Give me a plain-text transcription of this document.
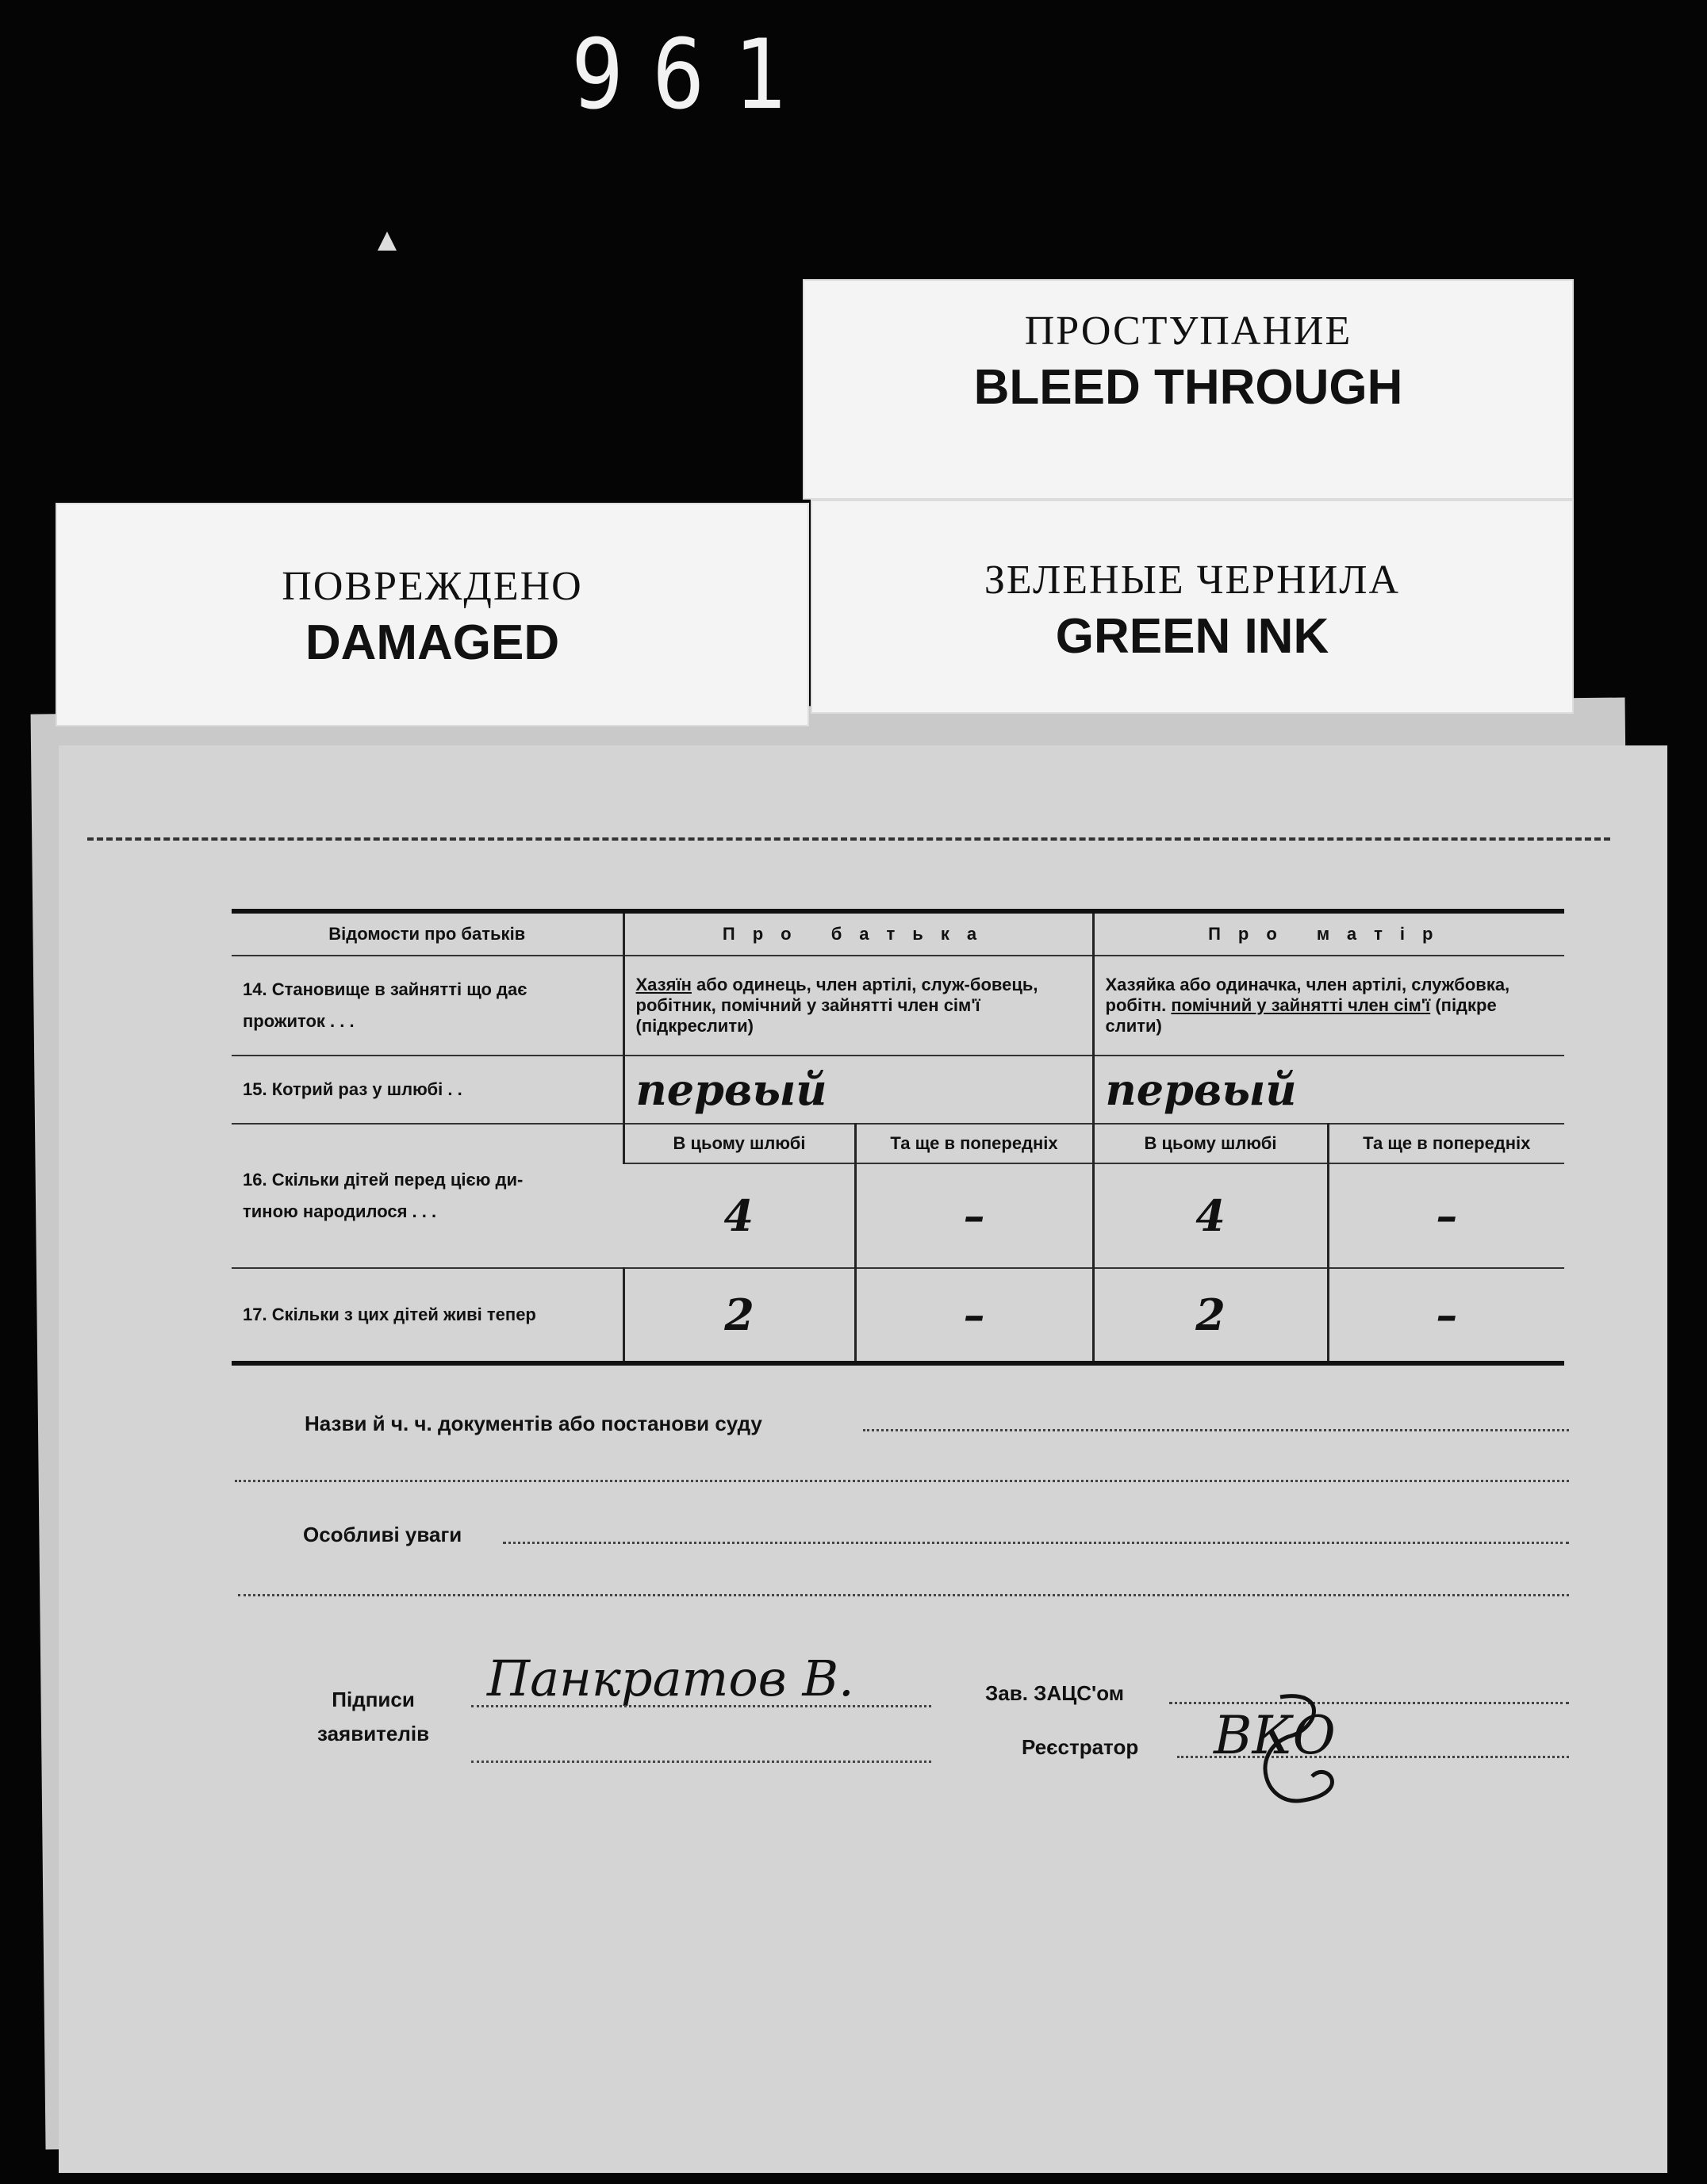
961
ПРОСТУПАНИЕ
BLEED THROUGH
ПОВРЕЖДЕНО
DAMAGED
ЗЕЛЕНЫЕ ЧЕРНИЛА
GREEN INK
Відомости про батьків	Про батька		Про матір	

14. Становище в зайнятті що дає
прожиток . . .	Хазяїн або одинець, член артілі, служ-бовець, робітник, помічний у зайнятті член сім'ї (підкреслити)		Хазяйка або одиначка, член артілі, службовка, робітн. помічний у зайнятті член сім'ї (підкре слити)	
15. Котрий раз у шлюбі . .	первый		первый	

16. Скільки дітей перед цією ди-
тиною народилося . . .	В цьому шлюбі	Та ще в попередніх	В цьому шлюбі	Та ще в попередніх
	4	–	4	–
17. Скільки з цих дітей живі тепер	2	–	2	–
Назви й ч. ч. документів або постанови суду
Особливі уваги
Підписи
заявителів
Панкратов В.	Зав. ЗАЦС'ом
Реєстратор ВКО
